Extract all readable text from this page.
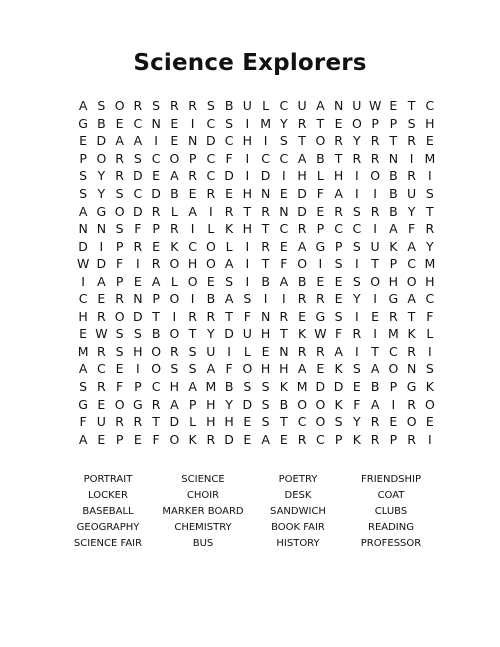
Science Explorers
A S O R S R R S B U L C U A N U W E T C
G B E C N E I C S I M Y R T E O P P S H
E D A A I E N D C H I S T O R Y R T R E
P O R S C O P C F	I C C A B T R R N I M
S Y R D E A R C D I D I H L H I O B R I
S Y S C D B E R E H N E D F A I	I B U S
A G O D R L A I R T R N D E R S R B Y T
N N S F P R I	L K H T C R P C C I A F R
D I	P R E K C O L	I R E A G P S U K A Y
W D F	I R O H O A I	T F O I S I	T P C M
I A P E A L O E S I B A B E E S O H O H
C E R N P O I B A S I	I R R E Y	I G A C
H R O D T	I R R T F N R E G S I E R T F
E W S S B O T Y D U H T K W F R I M K L
M R S H O R S U I	L E N R R A I	T C R I
A C E I O S S A F O H H A E K S A O N S
S R F P C H A M B S S K M D D E B P G K
G E O G R A P H Y D S B O O K F A I R O
F U R R T D L H H E S T C O S Y R E O E
A E P E F O K R D E A E R C P K R P R I
PORTRAIT	SCIENCE	POETRY	FRIENDSHIP
LOCKER	CHOIR	DESK	COAT
BASEBALL	MARKER BOARD	SANDWICH	CLUBS
GEOGRAPHY	CHEMISTRY	BOOK FAIR	READING
SCIENCE FAIR	BUS	HISTORY	PROFESSOR
